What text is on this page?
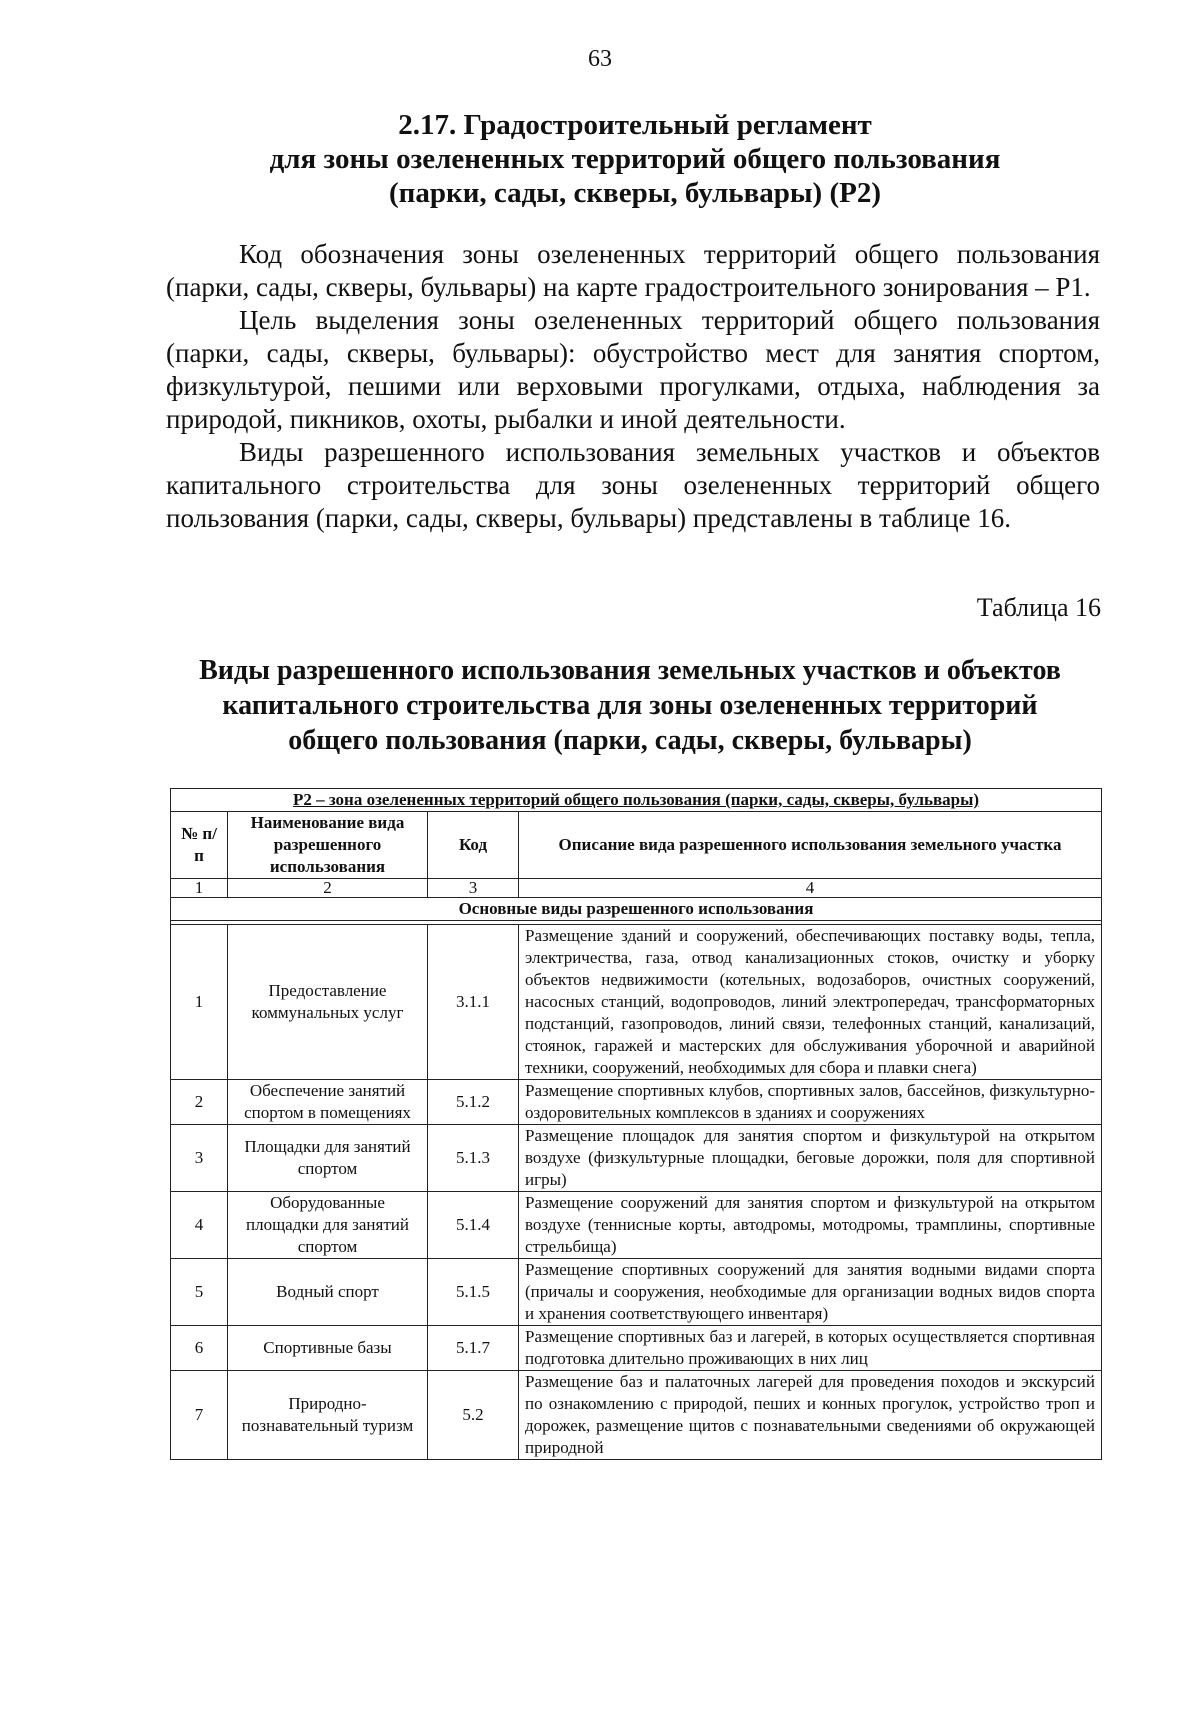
63
2.17. Градостроительный регламент
для зоны озелененных территорий общего пользования
(парки, сады, скверы, бульвары) (Р2)

Код обозначения зоны озелененных территорий общего пользования (парки, сады, скверы, бульвары) на карте градостроительного зонирования – Р1.

Цель выделения зоны озелененных территорий общего пользования (парки, сады, скверы, бульвары): обустройство мест для занятия спортом, физкультурой, пешими или верховыми прогулками, отдыха, наблюдения за природой, пикников, охоты, рыбалки и иной деятельности.

Виды разрешенного использования земельных участков и объектов капитального строительства для зоны озелененных территорий общего пользования (парки, сады, скверы, бульвары) представлены в таблице 16.

Таблица 16
Виды разрешенного использования земельных участков и объектов
капитального строительства для зоны озелененных территорий
общего пользования (парки, сады, скверы, бульвары)
Р2 – зона озелененных территорий общего пользования (парки, сады, скверы, бульвары)			
№ п/п	Наименование вида разрешенного использования	Код	Описание вида разрешенного использования земельного участка
1	2	3	4
Основные виды разрешенного использования			

1	Предоставление коммунальных услуг	3.1.1	Размещение зданий и сооружений, обеспечивающих поставку воды, тепла, электричества, газа, отвод канализационных стоков, очистку и уборку объектов недвижимости (котельных, водозаборов, очистных сооружений, насосных станций, водопроводов, линий электропередач, трансформаторных подстанций, газопроводов, линий связи, телефонных станций, канализаций, стоянок, гаражей и мастерских для обслуживания уборочной и аварийной техники, сооружений, необходимых для сбора и плавки снега)
2	Обеспечение занятий спортом в помещениях	5.1.2	Размещение спортивных клубов, спортивных залов, бассейнов, физкультурно-оздоровительных комплексов в зданиях и сооружениях
3	Площадки для занятий спортом	5.1.3	Размещение площадок для занятия спортом и физкультурой на открытом воздухе (физкультурные площадки, беговые дорожки, поля для спортивной игры)
4	Оборудованные площадки для занятий спортом	5.1.4	Размещение сооружений для занятия спортом и физкультурой на открытом воздухе (теннисные корты, автодромы, мотодромы, трамплины, спортивные стрельбища)
5	Водный спорт	5.1.5	Размещение спортивных сооружений для занятия водными видами спорта (причалы и сооружения, необходимые для организации водных видов спорта и хранения соответствующего инвентаря)
6	Спортивные базы	5.1.7	Размещение спортивных баз и лагерей, в которых осуществляется спортивная подготовка длительно проживающих в них лиц
7	Природно-познавательный туризм	5.2	Размещение баз и палаточных лагерей для проведения походов и экскурсий по ознакомлению с природой, пеших и конных прогулок, устройство троп и дорожек, размещение щитов с познавательными сведениями об окружающей природной
